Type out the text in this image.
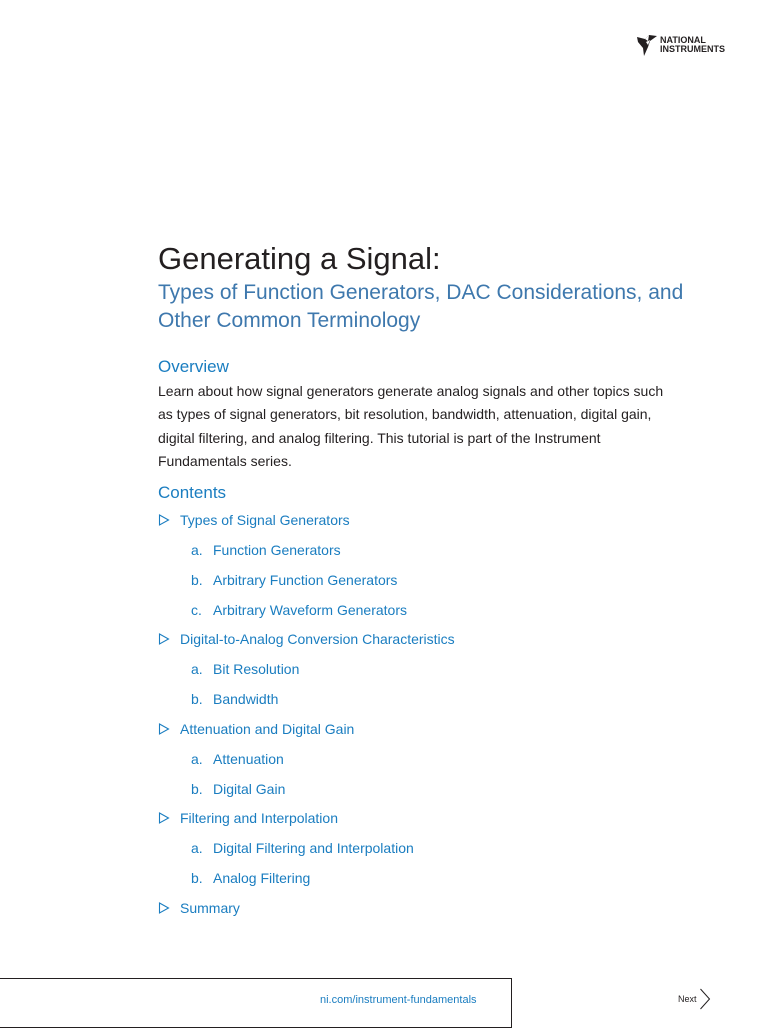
NATIONAL
INSTRUMENTS
Generating a Signal:
Types of Function Generators, DAC Considerations, and Other Common Terminology
Overview

Learn about how signal generators generate analog signals and other topics such as types of signal generators, bit resolution, bandwidth, attenuation, digital gain, digital filtering, and analog filtering. This tutorial is part of the Instrument Fundamentals series.

Contents
Types of Signal Generators
a. Function Generators
b. Arbitrary Function Generators
c. Arbitrary Waveform Generators
Digital-to-Analog Conversion Characteristics
a. Bit Resolution
b. Bandwidth
Attenuation and Digital Gain
a. Attenuation
b. Digital Gain
Filtering and Interpolation
a. Digital Filtering and Interpolation
b. Analog Filtering
Summary
ni.com/instrument-fundamentals	Next
